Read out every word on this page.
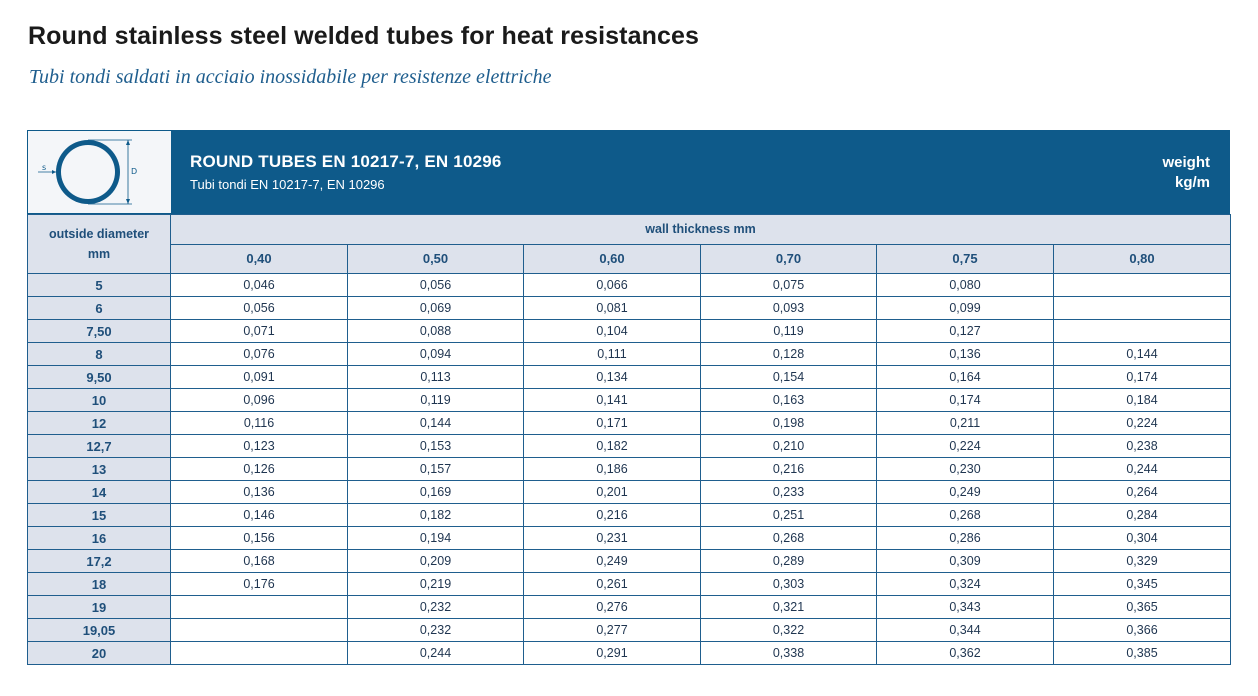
Round stainless steel welded tubes for heat resistances
Tubi tondi saldati in acciaio inossidabile per resistenze elettriche
s	D
ROUND TUBES EN 10217-7, EN 10296
Tubi tondi EN 10217-7, EN 10296
weight
kg/m
outside diameter
mm	wall thickness mm					
	0,40	0,50	0,60	0,70	0,75	0,80
5	0,046	0,056	0,066	0,075	0,080	
6	0,056	0,069	0,081	0,093	0,099	
7,50	0,071	0,088	0,104	0,119	0,127	
8	0,076	0,094	0,111	0,128	0,136	0,144
9,50	0,091	0,113	0,134	0,154	0,164	0,174
10	0,096	0,119	0,141	0,163	0,174	0,184
12	0,116	0,144	0,171	0,198	0,211	0,224
12,7	0,123	0,153	0,182	0,210	0,224	0,238
13	0,126	0,157	0,186	0,216	0,230	0,244
14	0,136	0,169	0,201	0,233	0,249	0,264
15	0,146	0,182	0,216	0,251	0,268	0,284
16	0,156	0,194	0,231	0,268	0,286	0,304
17,2	0,168	0,209	0,249	0,289	0,309	0,329
18	0,176	0,219	0,261	0,303	0,324	0,345
19		0,232	0,276	0,321	0,343	0,365
19,05		0,232	0,277	0,322	0,344	0,366
20		0,244	0,291	0,338	0,362	0,385
